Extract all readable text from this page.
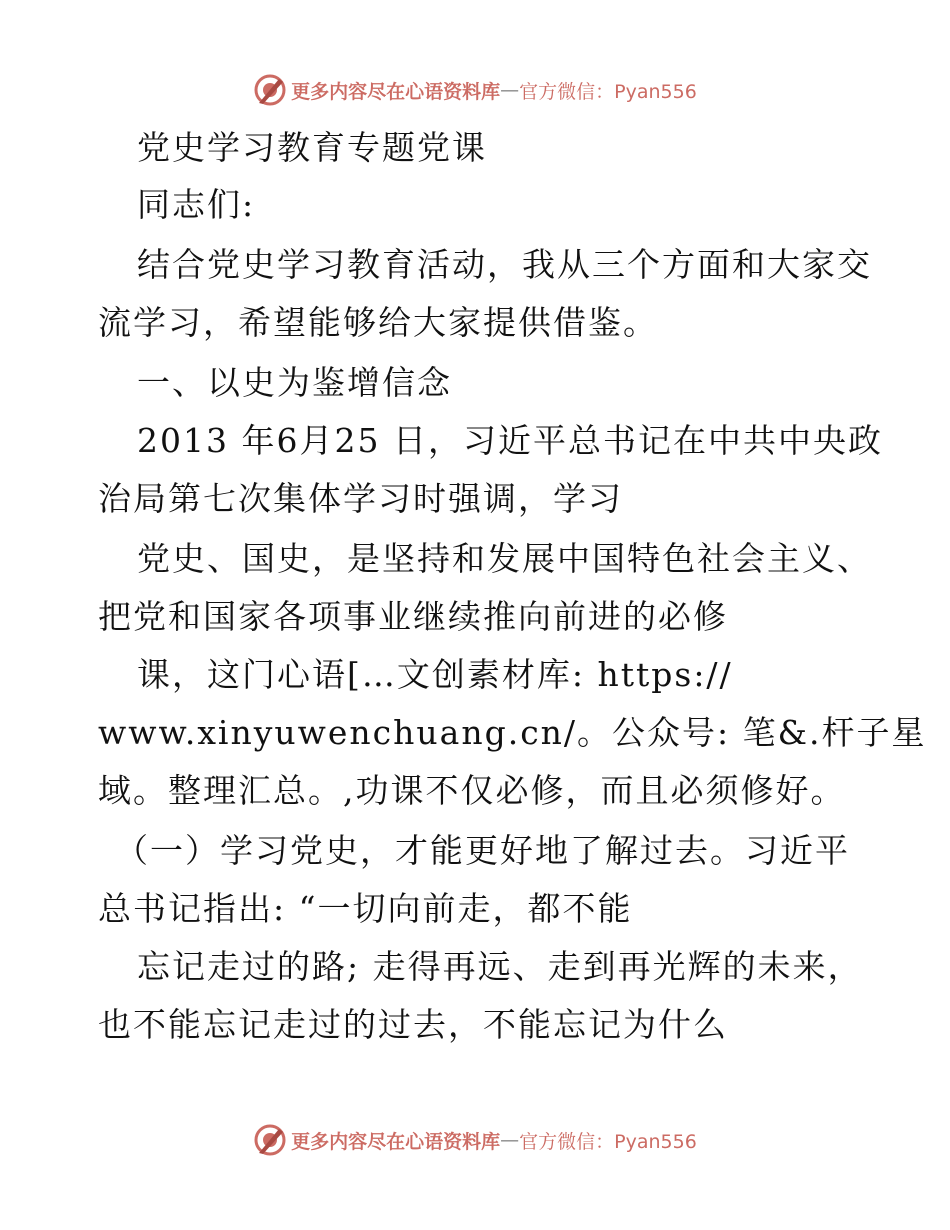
更多内容尽在心语资料库 — 官方微信：Pyan556
党史学习教育专题党课
同志们:
结合党史学习教育活动，我从三个方面和大家交
流学习，希望能够给大家提供借鉴。
一、以史为鉴增信念
2013 年6月25 日，习近平总书记在中共中央政
治局第七次集体学习时强调，学习
党史、国史，是坚持和发展中国特色社会主义、
把党和国家各项事业继续推向前进的必修
课，这门心语[…文创素材库: https://
www.xinyuwenchuang.cn/。公众号: 笔&.杆子星
域。整理汇总。,功课不仅必修，而且必须修好。
（一）学习党史，才能更好地了解过去。习近平
总书记指出: “一切向前走，都不能
忘记走过的路; 走得再远、走到再光辉的未来，
也不能忘记走过的过去，不能忘记为什么
更多内容尽在心语资料库 — 官方微信：Pyan556
